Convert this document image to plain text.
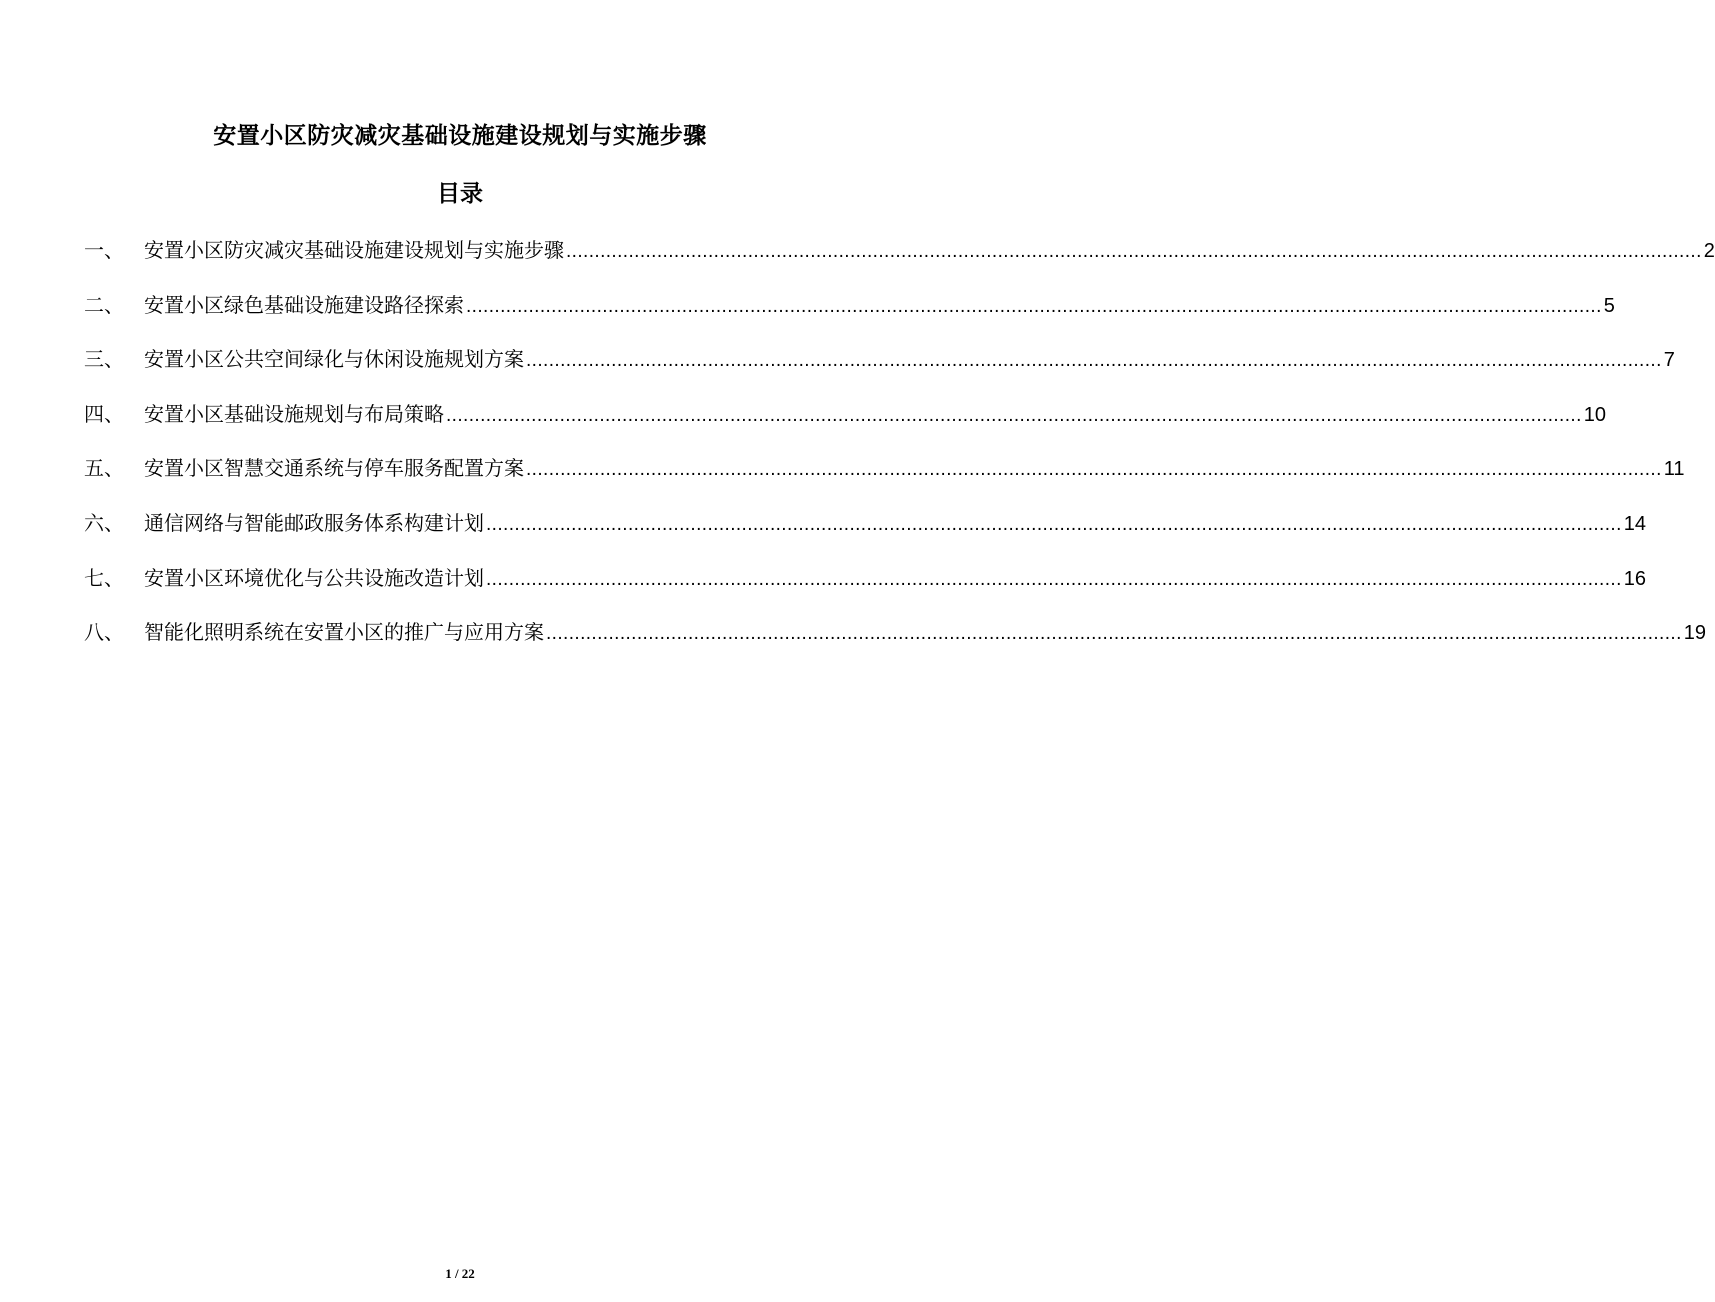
安置小区防灾减灾基础设施建设规划与实施步骤
目录
一、	安置小区防灾减灾基础设施建设规划与实施步骤 ........................................................................................................................................................................................................ 2
二、	安置小区绿色基础设施建设路径探索 ........................................................................................................................................................................................................ 5
三、	安置小区公共空间绿化与休闲设施规划方案 ........................................................................................................................................................................................................ 7
四、	安置小区基础设施规划与布局策略 ........................................................................................................................................................................................................ 10
五、	安置小区智慧交通系统与停车服务配置方案 ........................................................................................................................................................................................................ 11
六、	通信网络与智能邮政服务体系构建计划 ........................................................................................................................................................................................................ 14
七、	安置小区环境优化与公共设施改造计划 ........................................................................................................................................................................................................ 16
八、	智能化照明系统在安置小区的推广与应用方案 ........................................................................................................................................................................................................ 19
1 / 22
